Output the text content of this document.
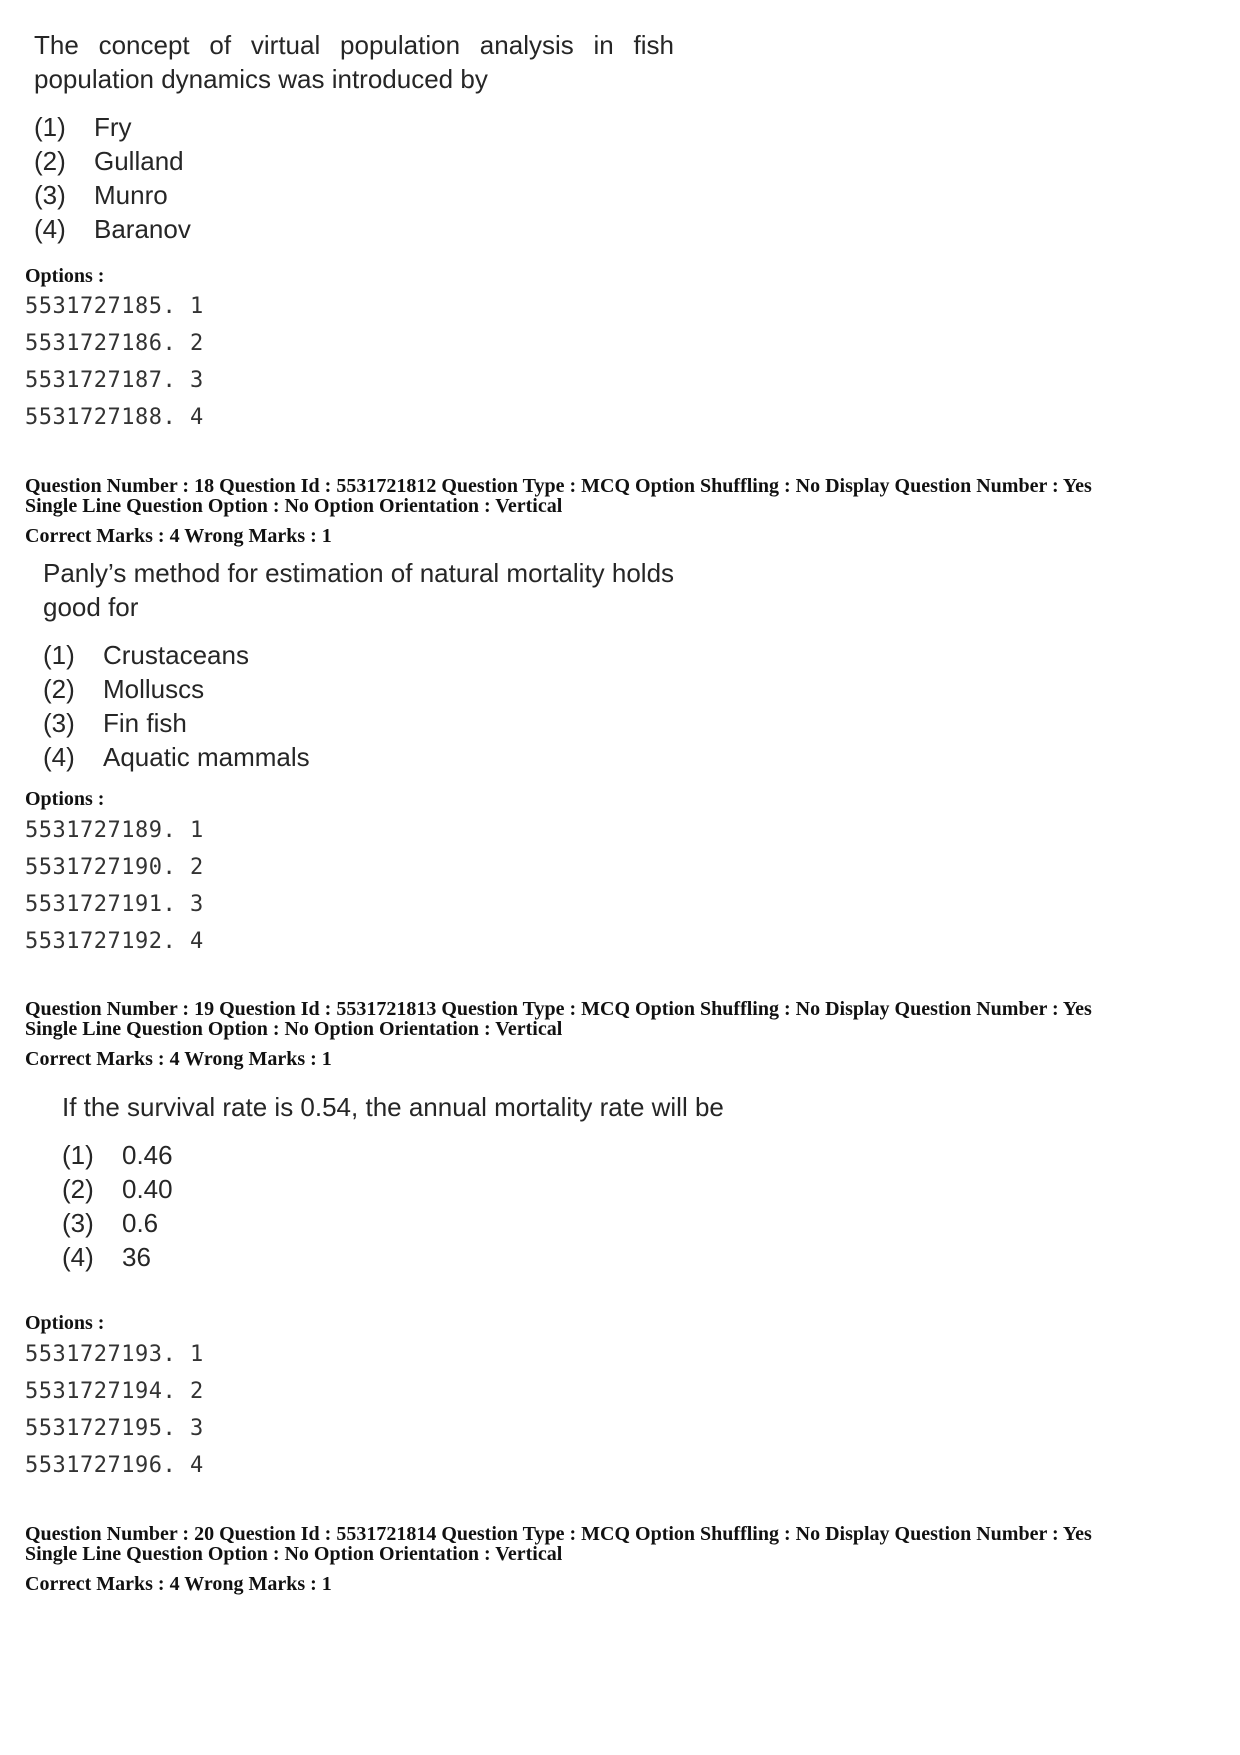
The concept of virtual population analysis in fish
population dynamics was introduced by
(1) Fry
(2) Gulland
(3) Munro
(4) Baranov
Options :
5531727185. 1
5531727186. 2
5531727187. 3
5531727188. 4
Question Number : 18 Question Id : 5531721812 Question Type : MCQ Option Shuffling : No Display Question Number : Yes
Single Line Question Option : No Option Orientation : Vertical
Correct Marks : 4 Wrong Marks : 1
Panly’s method for estimation of natural mortality holds
good for
(1) Crustaceans
(2) Molluscs
(3) Fin fish
(4) Aquatic mammals
Options :
5531727189. 1
5531727190. 2
5531727191. 3
5531727192. 4
Question Number : 19 Question Id : 5531721813 Question Type : MCQ Option Shuffling : No Display Question Number : Yes
Single Line Question Option : No Option Orientation : Vertical
Correct Marks : 4 Wrong Marks : 1
If the survival rate is 0.54, the annual mortality rate will be
(1) 0.46
(2) 0.40
(3) 0.6
(4) 36
Options :
5531727193. 1
5531727194. 2
5531727195. 3
5531727196. 4
Question Number : 20 Question Id : 5531721814 Question Type : MCQ Option Shuffling : No Display Question Number : Yes
Single Line Question Option : No Option Orientation : Vertical
Correct Marks : 4 Wrong Marks : 1
